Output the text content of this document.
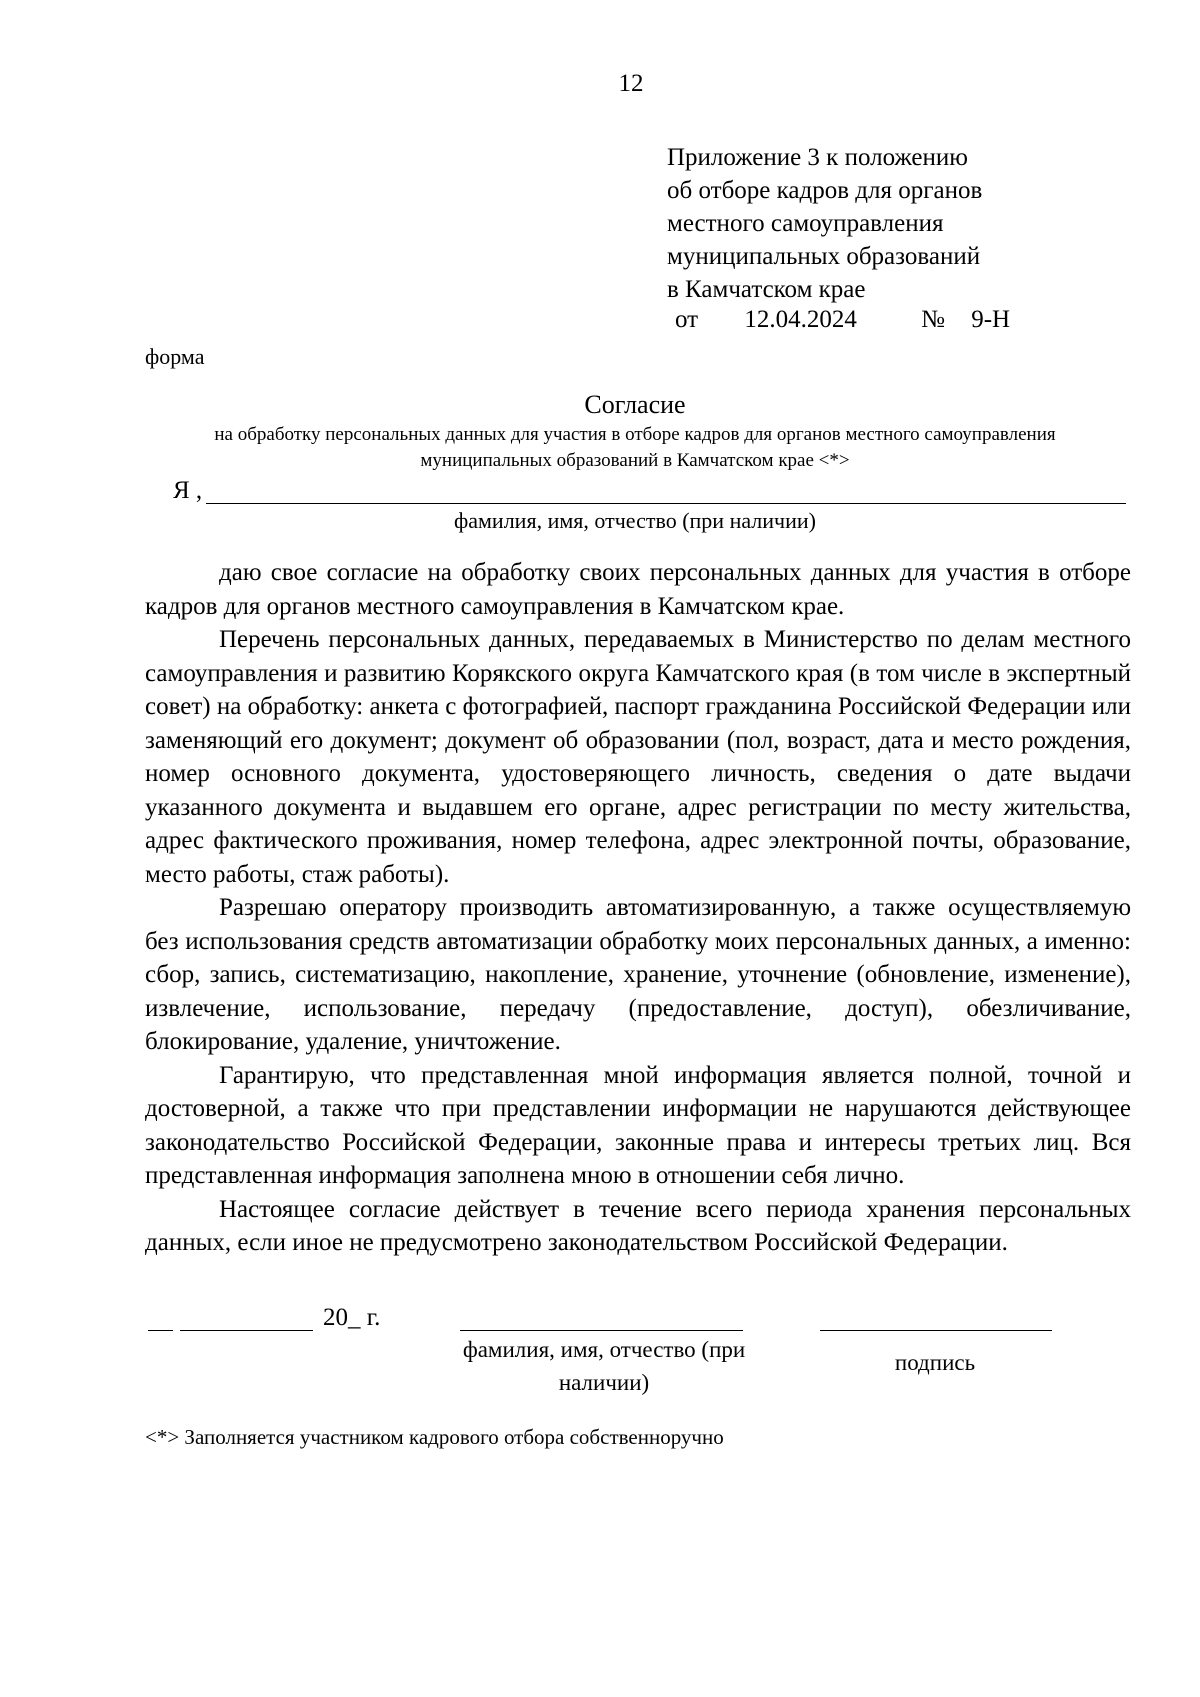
12
Приложение 3 к положению
об отборе кадров для органов
местного самоуправления
муниципальных образований
в Камчатском крае
от 12.04.2024	№ 9-Н
форма
Согласие
на обработку персональных данных для участия в отборе кадров для органов местного самоуправления муниципальных образований в Камчатском крае <*>
Я ,
фамилия, имя, отчество (при наличии)

даю свое согласие на обработку своих персональных данных для участия в отборе кадров для органов местного самоуправления в Камчатском крае.

Перечень персональных данных, передаваемых в Министерство по делам местного самоуправления и развитию Корякского округа Камчатского края (в том числе в экспертный совет) на обработку: анкета с фотографией, паспорт гражданина Российской Федерации или заменяющий его документ; документ об образовании (пол, возраст, дата и место рождения, номер основного документа, удостоверяющего личность, сведения о дате выдачи указанного документа и выдавшем его органе, адрес регистрации по месту жительства, адрес фактического проживания, номер телефона, адрес электронной почты, образование, место работы, стаж работы).

Разрешаю оператору производить автоматизированную, а также осуществляемую без использования средств автоматизации обработку моих персональных данных, а именно: сбор, запись, систематизацию, накопление, хранение, уточнение (обновление, изменение), извлечение, использование, передачу (предоставление, доступ), обезличивание, блокирование, удаление, уничтожение.

Гарантирую, что представленная мной информация является полной, точной и достоверной, а также что при представлении информации не нарушаются действующее законодательство Российской Федерации, законные права и интересы третьих лиц. Вся представленная информация заполнена мною в отношении себя лично.

Настоящее согласие действует в течение всего периода хранения персональных данных, если иное не предусмотрено законодательством Российской Федерации.

20_ г.
фамилия, имя, отчество (при наличии)
подпись
<*> Заполняется участником кадрового отбора собственноручно
